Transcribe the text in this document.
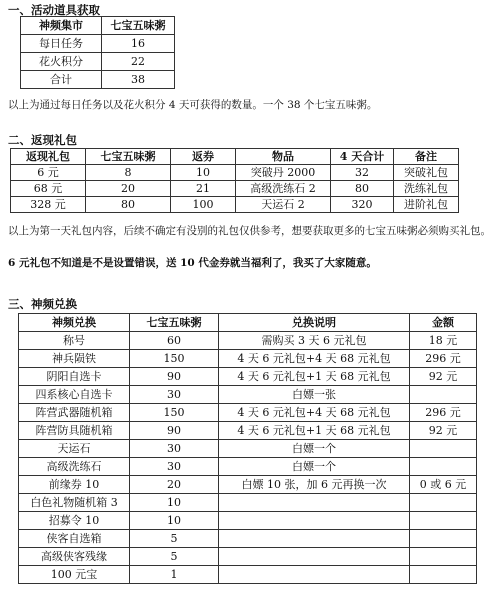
一、活动道具获取
神频集市	七宝五味粥
每日任务	16
花火积分	22
合计	38
以上为通过每日任务以及花火积分 4 天可获得的数量。一个 38 个七宝五味粥。
二、返现礼包
返现礼包	七宝五味粥	返券	物品	4 天合计	备注
6 元	8	10	突破丹 2000	32	突破礼包
68 元	20	21	高级洗练石 2	80	洗练礼包
328 元	80	100	天运石 2	320	进阶礼包
以上为第一天礼包内容，后续不确定有没别的礼包仅供参考，想要获取更多的七宝五味粥必须购买礼包。
6 元礼包不知道是不是设置错误，送 10 代金券就当福利了，我买了大家随意。
三、神频兑换
神频兑换	七宝五味粥	兑换说明	金额
称号	60	需购买 3 天 6 元礼包	18 元
神兵陨铁	150	4 天 6 元礼包+4 天 68 元礼包	296 元
阴阳自选卡	90	4 天 6 元礼包+1 天 68 元礼包	92 元
四系核心自选卡	30	白嫖一张	
阵营武器随机箱	150	4 天 6 元礼包+4 天 68 元礼包	296 元
阵营防具随机箱	90	4 天 6 元礼包+1 天 68 元礼包	92 元
天运石	30	白嫖一个	
高级洗练石	30	白嫖一个	
前缘券 10	20	白嫖 10 张，加 6 元再换一次	0 或 6 元
白色礼物随机箱 3	10		
招募令 10	10		
侠客自选箱	5		
高级侠客残缘	5		
100 元宝	1		
